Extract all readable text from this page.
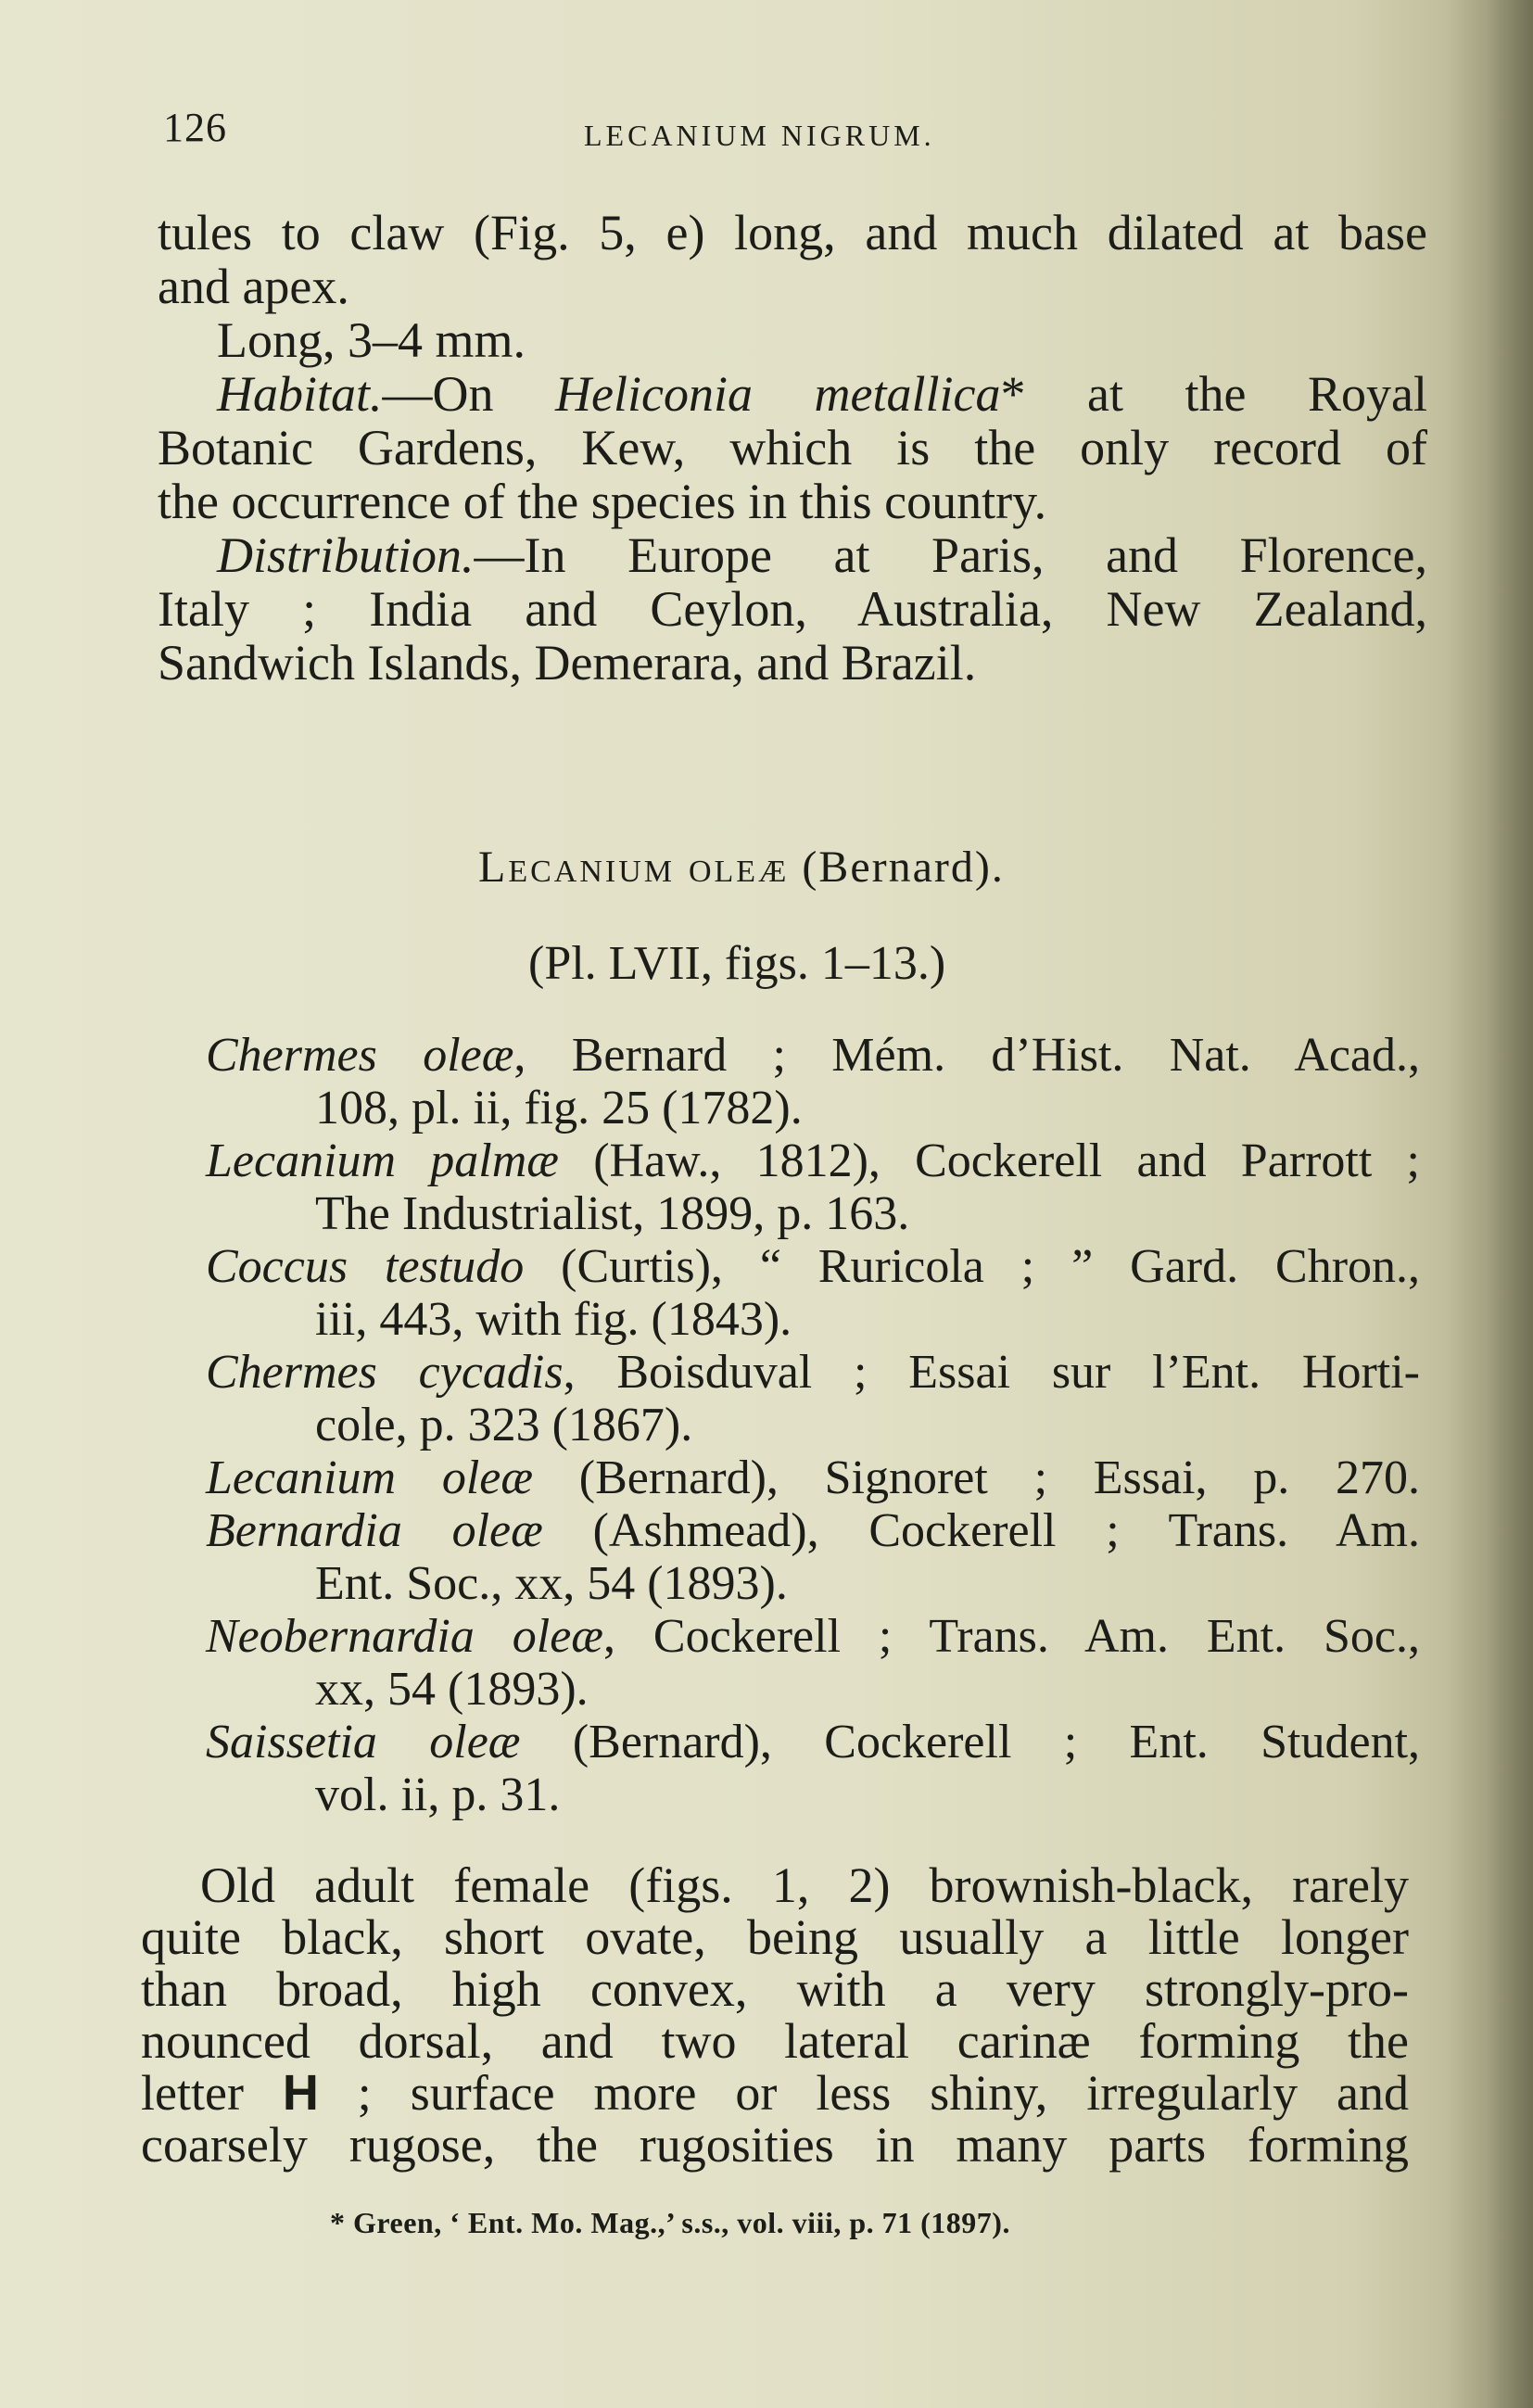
126	LECANIUM NIGRUM.
tules to claw (Fig. 5, e) long, and much dilated at base
and apex.
Long, 3–4 mm.
Habitat.—On Heliconia metallica* at the Royal
Botanic Gardens, Kew, which is the only record of
the occurrence of the species in this country.
Distribution.—In Europe at Paris, and Florence,
Italy ; India and Ceylon, Australia, New Zealand,
Sandwich Islands, Demerara, and Brazil.
Lecanium oleæ (Bernard).
(Pl. LVII, figs. 1–13.)
Chermes oleæ, Bernard ; Mém. d’Hist. Nat. Acad.,
108, pl. ii, fig. 25 (1782).
Lecanium palmæ (Haw., 1812), Cockerell and Parrott ;
The Industrialist, 1899, p. 163.
Coccus testudo (Curtis), “ Ruricola ; ” Gard. Chron.,
iii, 443, with fig. (1843).
Chermes cycadis, Boisduval ; Essai sur l’Ent. Horti-
cole, p. 323 (1867).
Lecanium oleæ (Bernard), Signoret ; Essai, p. 270.
Bernardia oleæ (Ashmead), Cockerell ; Trans. Am.
Ent. Soc., xx, 54 (1893).
Neobernardia oleæ, Cockerell ; Trans. Am. Ent. Soc.,
xx, 54 (1893).
Saissetia oleæ (Bernard), Cockerell ; Ent. Student,
vol. ii, p. 31.
Old adult female (figs. 1, 2) brownish-black, rarely
quite black, short ovate, being usually a little longer
than broad, high convex, with a very strongly-pro-
nounced dorsal, and two lateral carinæ forming the
letter H ; surface more or less shiny, irregularly and
coarsely rugose, the rugosities in many parts forming
* Green, ‘ Ent. Mo. Mag.,’ s.s., vol. viii, p. 71 (1897).
